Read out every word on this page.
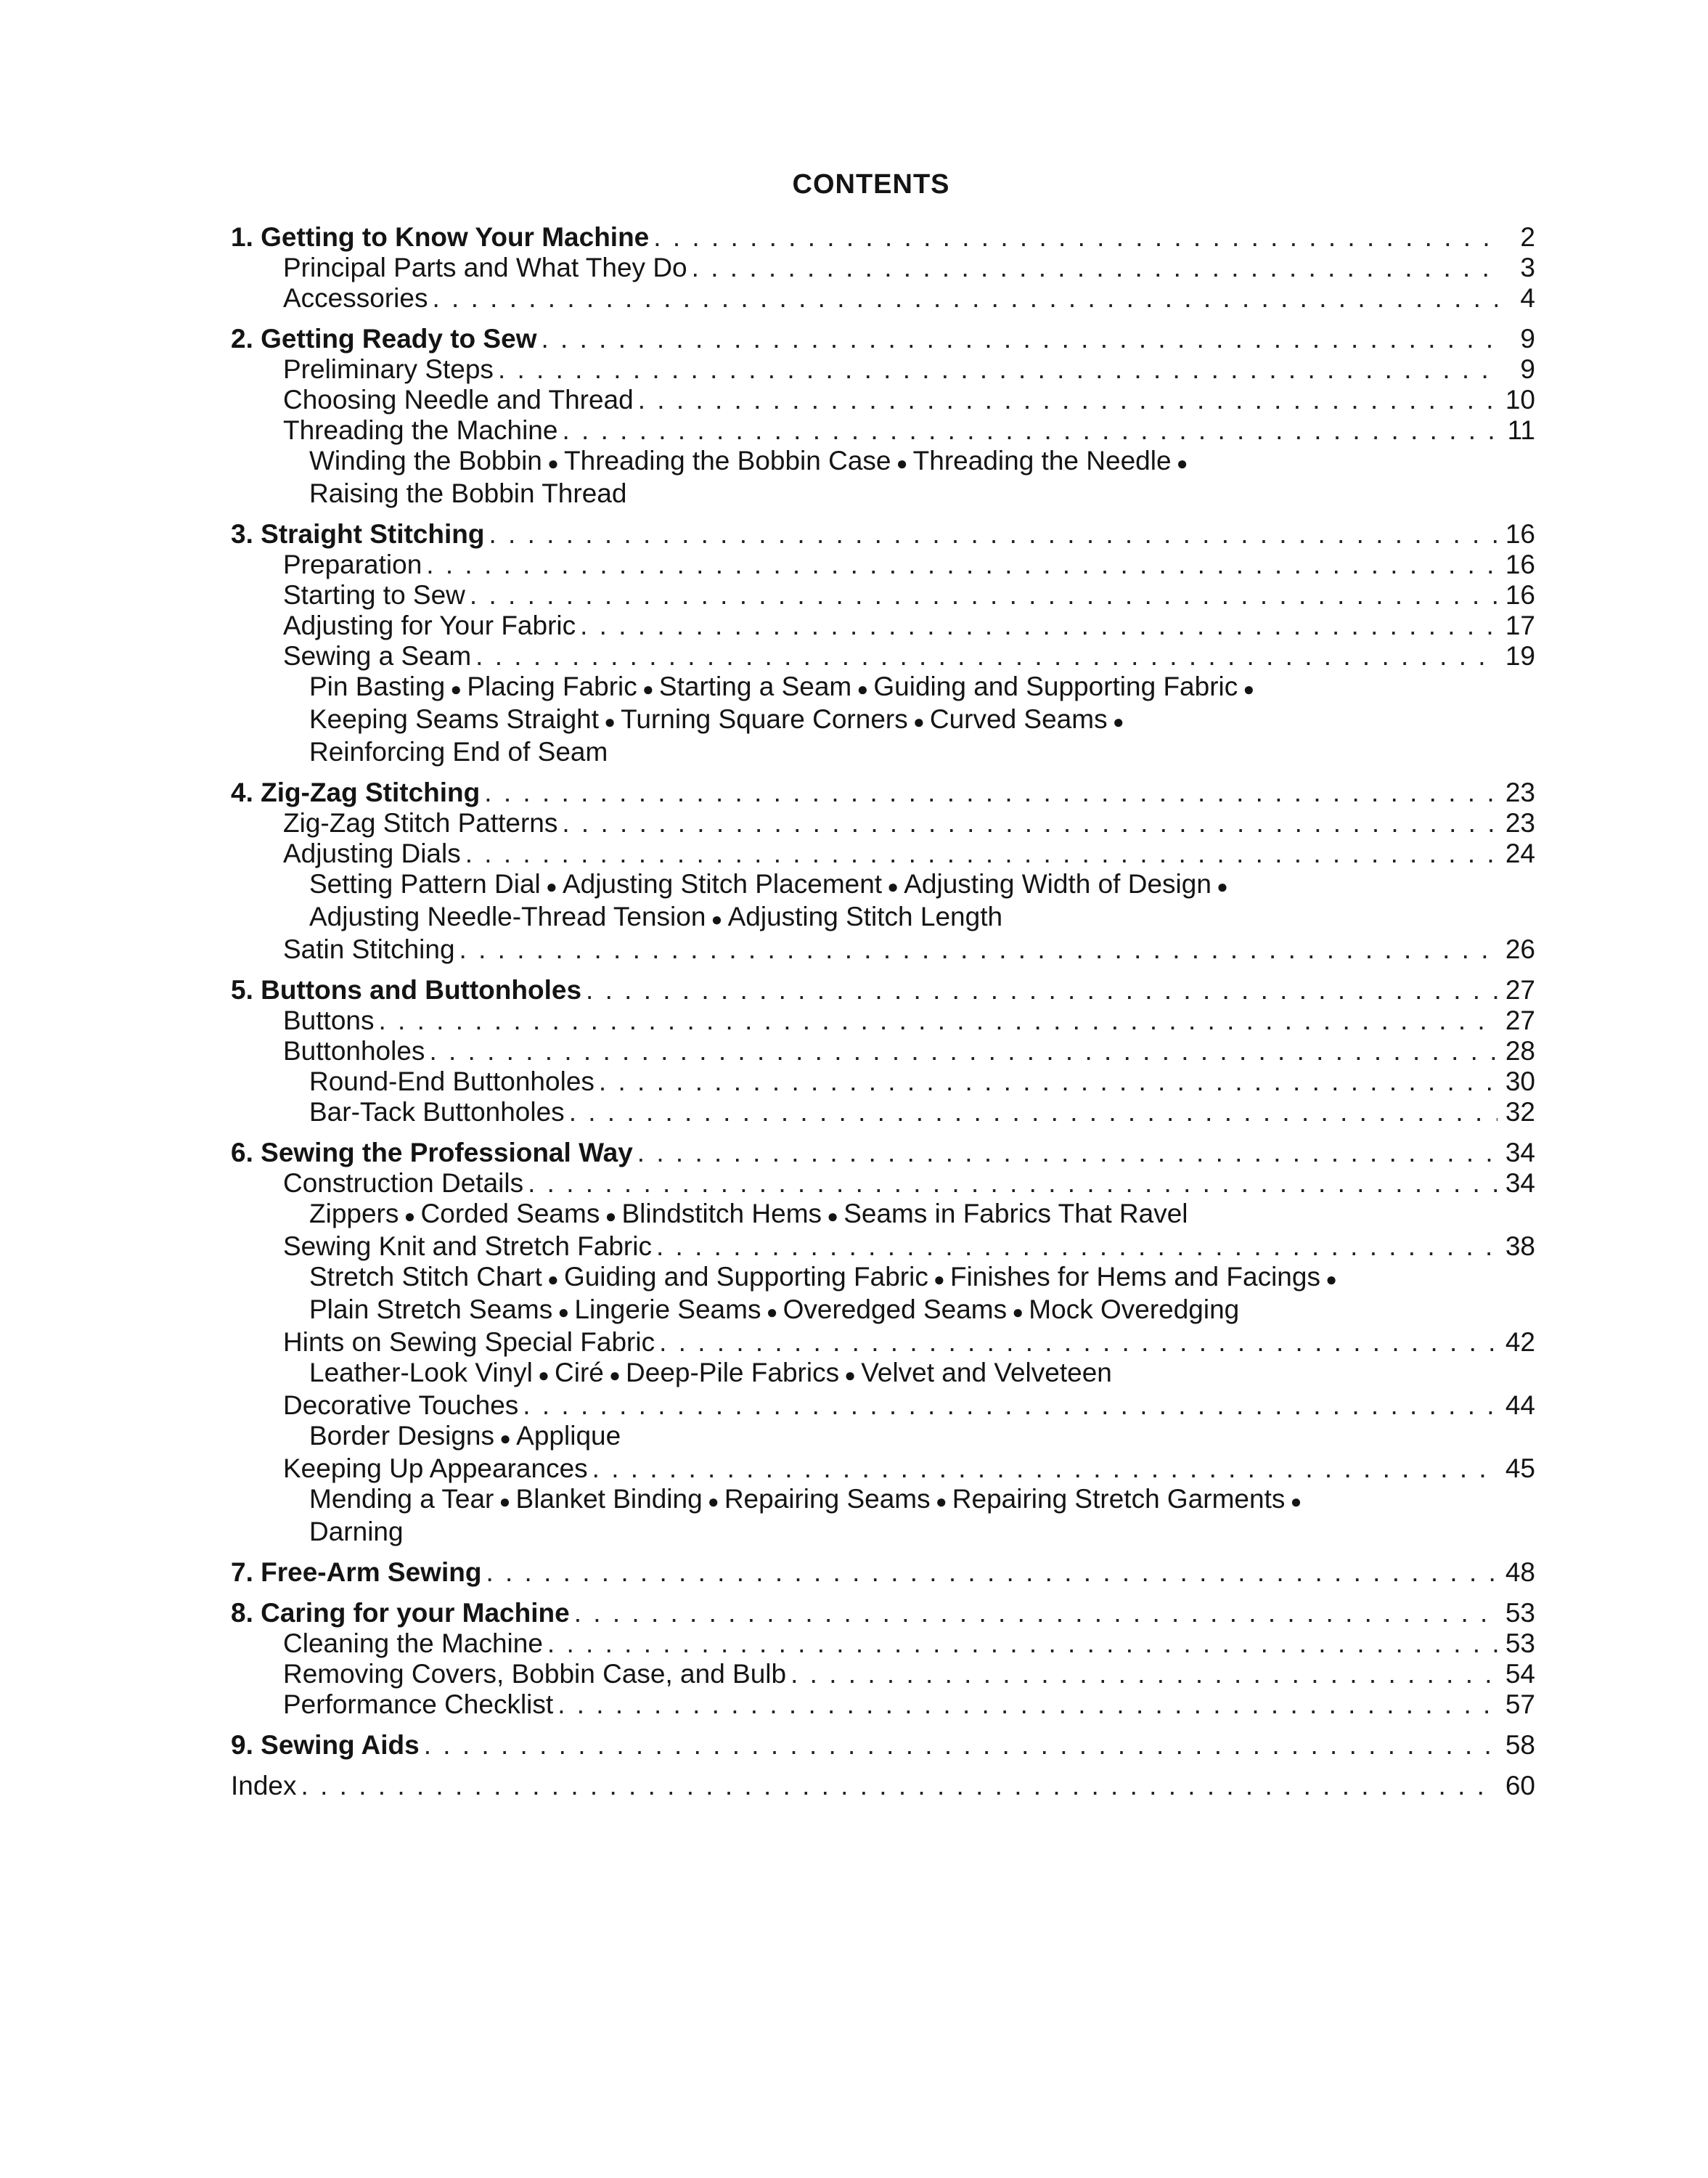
CONTENTS
1. Getting to Know Your Machine . . .	2
Principal Parts and What They Do . . .	3
Accessories . . .	4
2. Getting Ready to Sew . . .	9
Preliminary Steps . . .	9
Choosing Needle and Thread . . .	10
Threading the Machine . . .	11
Winding the Bobbin ● Threading the Bobbin Case ● Threading the Needle ● Raising the Bobbin Thread
3. Straight Stitching . . .	16
Preparation . . .	16
Starting to Sew . . .	16
Adjusting for Your Fabric . . .	17
Sewing a Seam . . .	19
Pin Basting ● Placing Fabric ● Starting a Seam ● Guiding and Supporting Fabric ● Keeping Seams Straight ● Turning Square Corners ● Curved Seams ● Reinforcing End of Seam
4. Zig-Zag Stitching . . .	23
Zig-Zag Stitch Patterns . . .	23
Adjusting Dials . . .	24
Setting Pattern Dial ● Adjusting Stitch Placement ● Adjusting Width of Design ● Adjusting Needle-Thread Tension ● Adjusting Stitch Length
Satin Stitching . . .	26
5. Buttons and Buttonholes . . .	27
Buttons . . .	27
Buttonholes . . .	28
Round-End Buttonholes . . .	30
Bar-Tack Buttonholes . . .	32
6. Sewing the Professional Way . . .	34
Construction Details . . .	34
Zippers ● Corded Seams ● Blindstitch Hems ● Seams in Fabrics That Ravel
Sewing Knit and Stretch Fabric . . .	38
Stretch Stitch Chart ● Guiding and Supporting Fabric ● Finishes for Hems and Facings ● Plain Stretch Seams ● Lingerie Seams ● Overedged Seams ● Mock Overedging
Hints on Sewing Special Fabric . . .	42
Leather-Look Vinyl ● Ciré ● Deep-Pile Fabrics ● Velvet and Velveteen
Decorative Touches . . .	44
Border Designs ● Applique
Keeping Up Appearances . . .	45
Mending a Tear ● Blanket Binding ● Repairing Seams ● Repairing Stretch Garments ● Darning
7. Free-Arm Sewing . . .	48
8. Caring for your Machine . . .	53
Cleaning the Machine . . .	53
Removing Covers, Bobbin Case, and Bulb . . .	54
Performance Checklist . . .	57
9. Sewing Aids . . .	58
Index . . .	60
